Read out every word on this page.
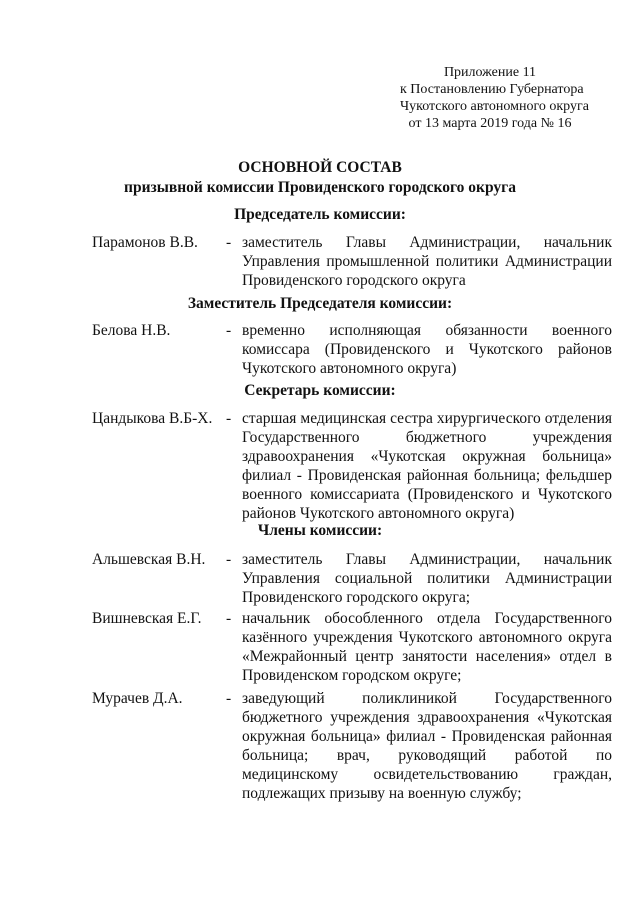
Приложение 11
к Постановлению Губернатора
Чукотского автономного округа
от 13 марта 2019 года № 16
ОСНОВНОЙ СОСТАВ
призывной комиссии Провиденского городского округа
Председатель комиссии:
Парамонов В.В. - заместитель Главы Администрации, начальник Управления промышленной политики Администрации Провиденского городского округа
Заместитель Председателя комиссии:
Белова Н.В.	- временно исполняющая обязанности военного комиссара (Провиденского и Чукотского районов Чукотского автономного округа)
Секретарь комиссии:
Цандыкова В.Б-Х. - старшая медицинская сестра хирургического отделения Государственного бюджетного учреждения здравоохранения «Чукотская окружная больница» филиал - Провиденская районная больница; фельдшер военного комиссариата (Провиденского и Чукотского районов Чукотского автономного округа)
Члены комиссии:
Альшевская В.Н. - заместитель Главы Администрации, начальник Управления социальной политики Администрации Провиденского городского округа;
Вишневская Е.Г. - начальник обособленного отдела Государственного казённого учреждения Чукотского автономного округа «Межрайонный центр занятости населения» отдел в Провиденском городском округе;
Мурачев Д.А.	- заведующий поликлиникой Государственного бюджетного учреждения здравоохранения «Чукотская окружная больница» филиал - Провиденская районная больница; врач, руководящий работой по медицинскому освидетельствованию граждан, подлежащих призыву на военную службу;
